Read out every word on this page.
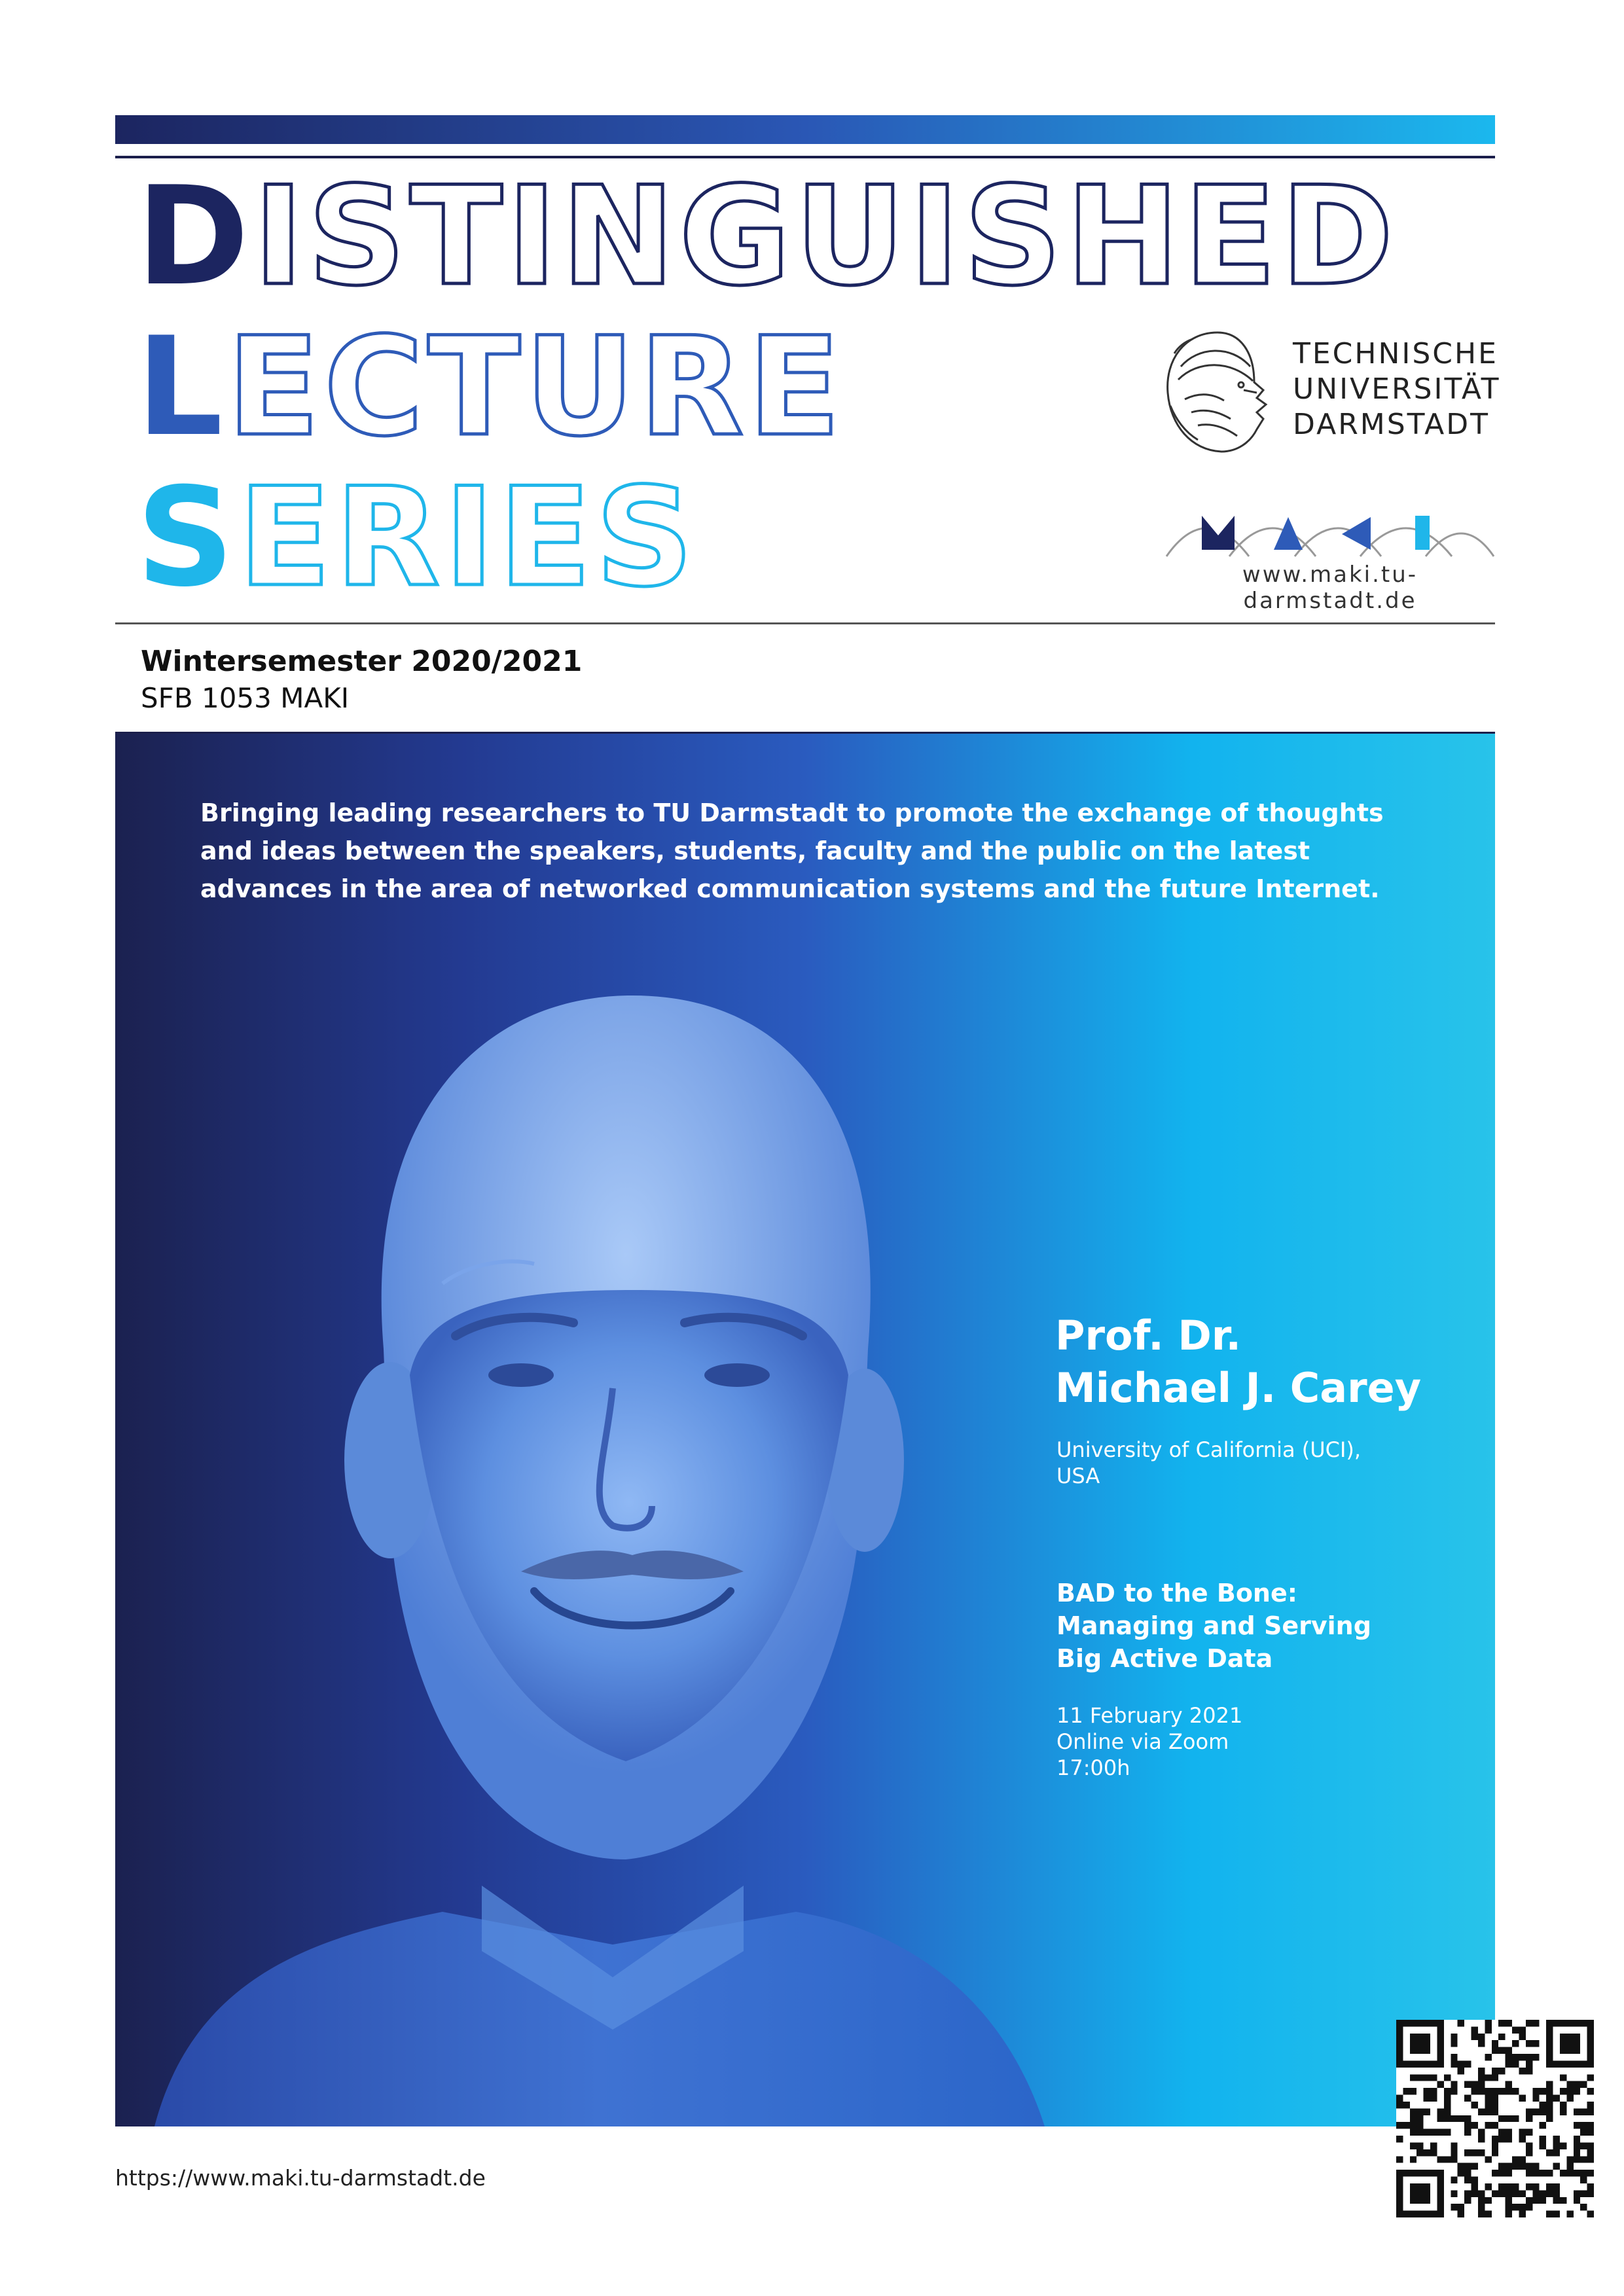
DISTINGUISHED
LECTURE
SERIES
TECHNISCHE
UNIVERSITÄT
DARMSTADT
www.maki.tu-darmstadt.de
Wintersemester 2020/2021
SFB 1053 MAKI

Bringing leading researchers to TU Darmstadt to promote the exchange of thoughts and ideas between the speakers, students, faculty and the public on the latest advances in the area of networked communication systems and the future Internet.

Prof. Dr.
Michael J. Carey
University of California (UCI),
USA
BAD to the Bone:
Managing and Serving
Big Active Data
11 February 2021
Online via Zoom
17:00h
https://www.maki.tu-darmstadt.de
